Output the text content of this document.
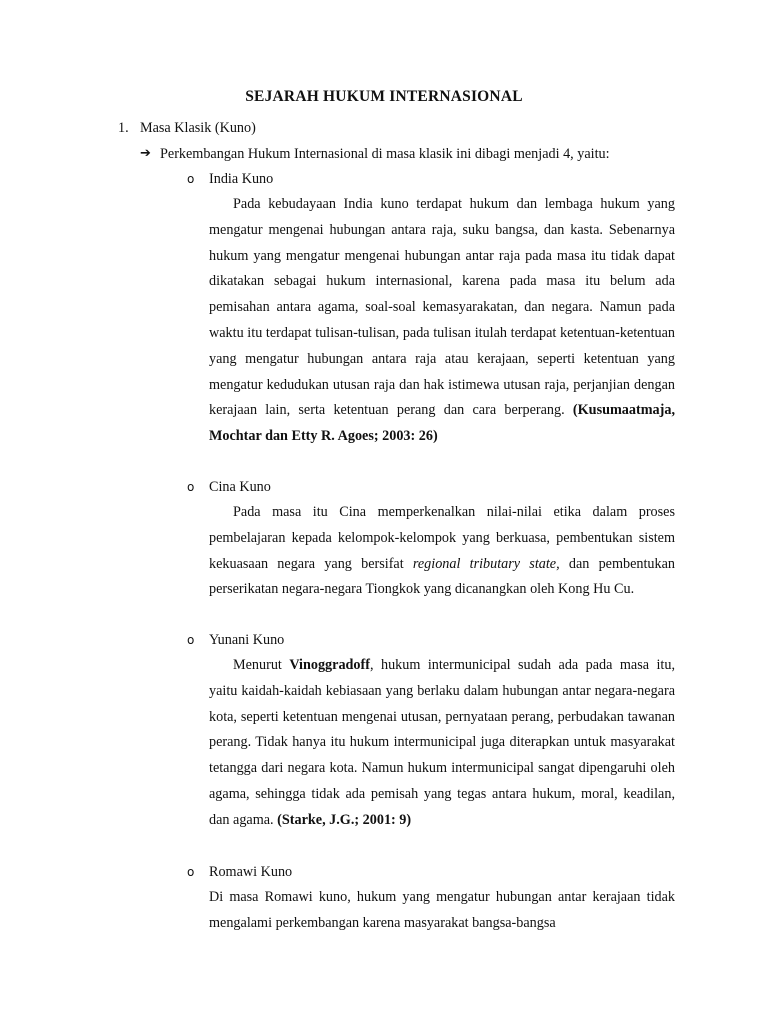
SEJARAH HUKUM INTERNASIONAL
1. Masa Klasik (Kuno)
➔ Perkembangan Hukum Internasional di masa klasik ini dibagi menjadi 4, yaitu:
o India Kuno
Pada kebudayaan India kuno terdapat hukum dan lembaga hukum yang mengatur mengenai hubungan antara raja, suku bangsa, dan kasta. Sebenarnya hukum yang mengatur mengenai hubungan antar raja pada masa itu tidak dapat dikatakan sebagai hukum internasional, karena pada masa itu belum ada pemisahan antara agama, soal-soal kemasyarakatan, dan negara. Namun pada waktu itu terdapat tulisan-tulisan, pada tulisan itulah terdapat ketentuan-ketentuan yang mengatur hubungan antara raja atau kerajaan, seperti ketentuan yang mengatur kedudukan utusan raja dan hak istimewa utusan raja, perjanjian dengan kerajaan lain, serta ketentuan perang dan cara berperang. (Kusumaatmaja, Mochtar dan Etty R. Agoes; 2003: 26)
o Cina Kuno
Pada masa itu Cina memperkenalkan nilai-nilai etika dalam proses pembelajaran kepada kelompok-kelompok yang berkuasa, pembentukan sistem kekuasaan negara yang bersifat regional tributary state, dan pembentukan perserikatan negara-negara Tiongkok yang dicanangkan oleh Kong Hu Cu.
o Yunani Kuno
Menurut Vinoggradoff, hukum intermunicipal sudah ada pada masa itu, yaitu kaidah-kaidah kebiasaan yang berlaku dalam hubungan antar negara-negara kota, seperti ketentuan mengenai utusan, pernyataan perang, perbudakan tawanan perang. Tidak hanya itu hukum intermunicipal juga diterapkan untuk masyarakat tetangga dari negara kota. Namun hukum intermunicipal sangat dipengaruhi oleh agama, sehingga tidak ada pemisah yang tegas antara hukum, moral, keadilan, dan agama. (Starke, J.G.; 2001: 9)
o Romawi Kuno
Di masa Romawi kuno, hukum yang mengatur hubungan antar kerajaan tidak mengalami perkembangan karena masyarakat bangsa-bangsa
